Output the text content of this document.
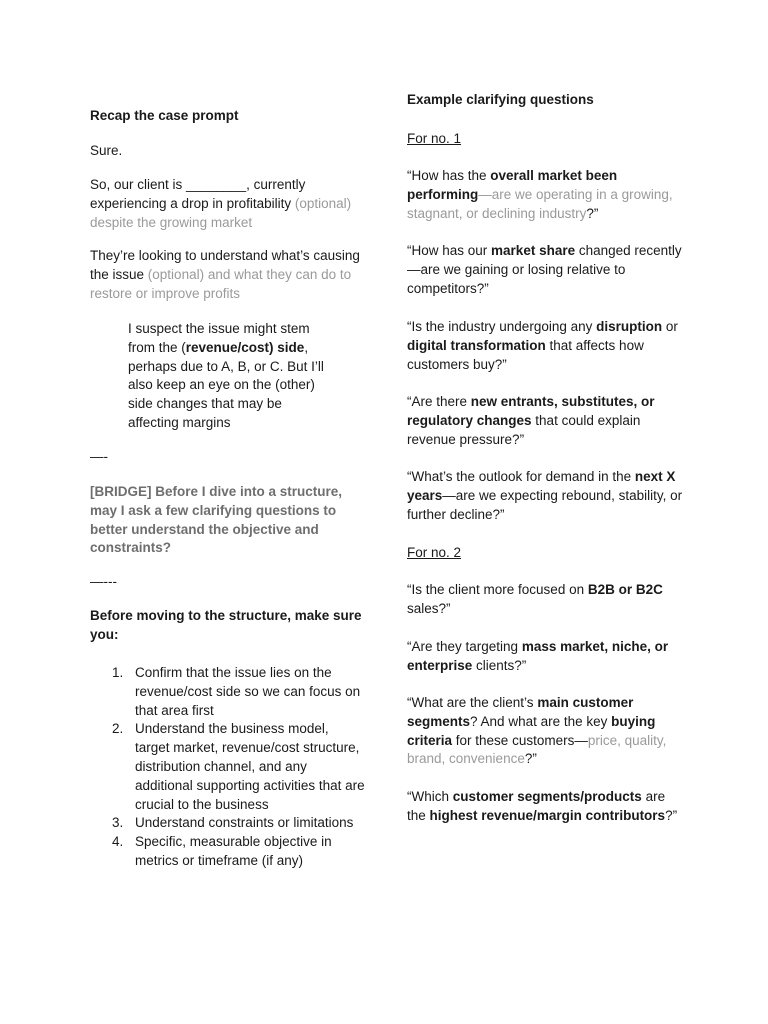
Recap the case prompt

Sure.

So, our client is ________, currently experiencing a drop in profitability (optional) despite the growing market

They’re looking to understand what’s causing the issue (optional) and what they can do to restore or improve profits

I suspect the issue might stem from the (revenue/cost) side, perhaps due to A, B, or C. But I’ll also keep an eye on the (other) side changes that may be affecting margins

—-

[BRIDGE] Before I dive into a structure, may I ask a few clarifying questions to better understand the objective and constraints?

—---

Before moving to the structure, make sure you:

1. Confirm that the issue lies on the revenue/cost side so we can focus on that area first
2. Understand the business model, target market, revenue/cost structure, distribution channel, and any additional supporting activities that are crucial to the business
3. Understand constraints or limitations
4. Specific, measurable objective in metrics or timeframe (if any)

Example clarifying questions

For no. 1

“How has the overall market been performing—are we operating in a growing, stagnant, or declining industry?”

“How has our market share changed recently—are we gaining or losing relative to competitors?”

“Is the industry undergoing any disruption or digital transformation that affects how customers buy?”

“Are there new entrants, substitutes, or regulatory changes that could explain revenue pressure?”

“What’s the outlook for demand in the next X years—are we expecting rebound, stability, or further decline?”

For no. 2

“Is the client more focused on B2B or B2C sales?”

“Are they targeting mass market, niche, or enterprise clients?”

“What are the client’s main customer segments? And what are the key buying criteria for these customers—price, quality, brand, convenience?”

“Which customer segments/products are the highest revenue/margin contributors?”
